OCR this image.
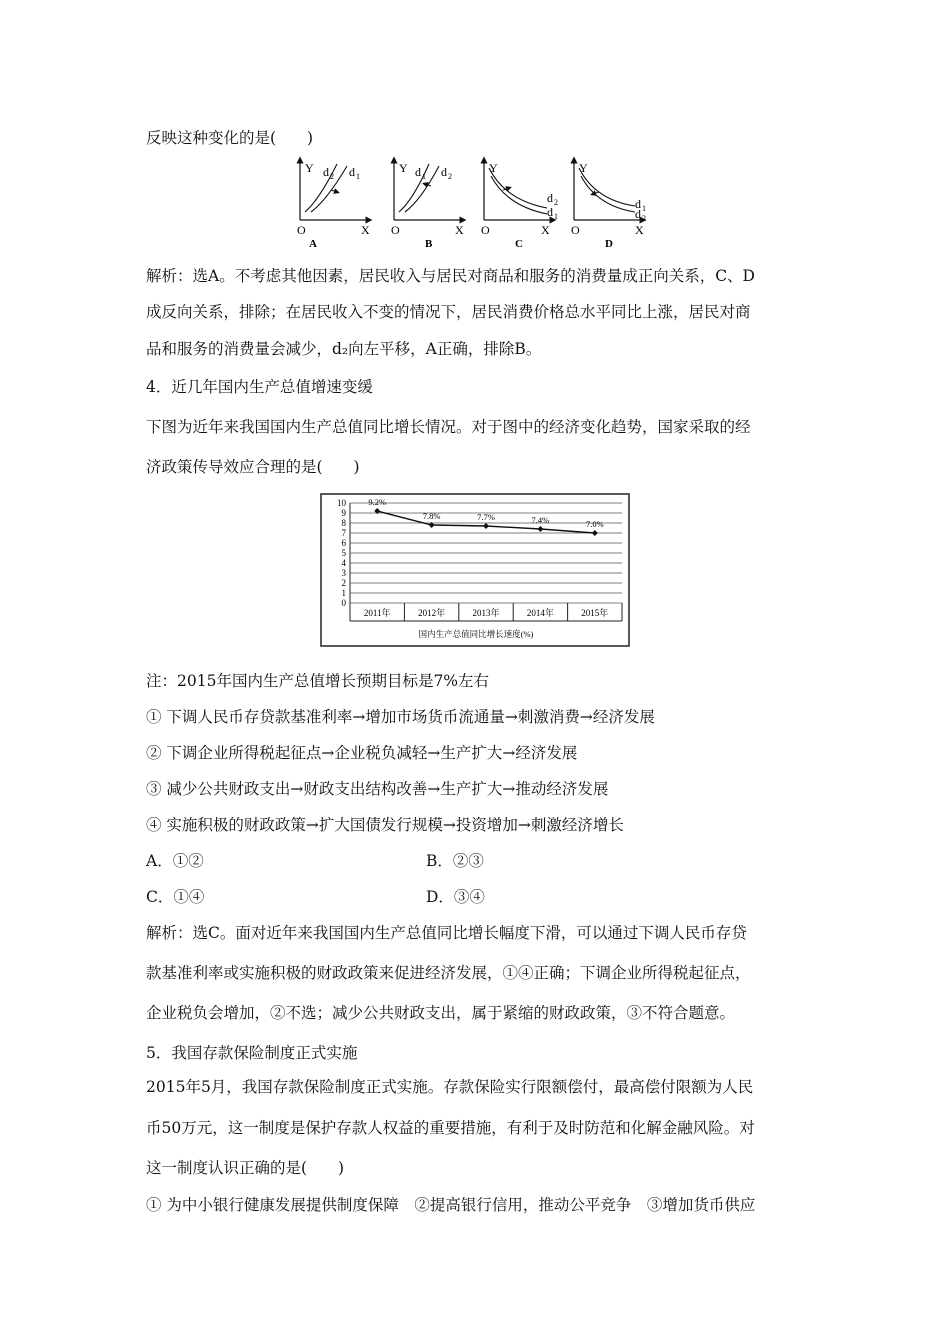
反映这种变化的是(　　)
Y d 2 d 1
O	X
A
Y d 1 d 2
O	X
B
Y
d 2
d 1
O	X
C
Y
d 1
d 2
O	X
D
解析：选A。不考虑其他因素，居民收入与居民对商品和服务的消费量成正向关系，C、D
成反向关系，排除；在居民收入不变的情况下，居民消费价格总水平同比上涨，居民对商
品和服务的消费量会减少，d₂向左平移，A正确，排除B。
4．近几年国内生产总值增速变缓
下图为近年来我国国内生产总值同比增长情况。对于图中的经济变化趋势，国家采取的经
济政策传导效应合理的是(　　)
0
1
2
3
4
5
6
7
8
9
10
2011年	2012年	2013年	2014年	2015年
9.2%
7.8%	7.7%	7.4%	7.0%
国内生产总值同比增长速度(%)
注：2015年国内生产总值增长预期目标是7%左右
① 下调人民币存贷款基准利率→增加市场货币流通量→刺激消费→经济发展
② 下调企业所得税起征点→企业税负减轻→生产扩大→经济发展
③ 减少公共财政支出→财政支出结构改善→生产扩大→推动经济发展
④ 实施积极的财政政策→扩大国债发行规模→投资增加→刺激经济增长
A．①②	B．②③
C．①④	D．③④
解析：选C。面对近年来我国国内生产总值同比增长幅度下滑，可以通过下调人民币存贷
款基准利率或实施积极的财政政策来促进经济发展，①④正确；下调企业所得税起征点，
企业税负会增加，②不选；减少公共财政支出，属于紧缩的财政政策，③不符合题意。
5．我国存款保险制度正式实施
2015年5月，我国存款保险制度正式实施。存款保险实行限额偿付，最高偿付限额为人民
币50万元，这一制度是保护存款人权益的重要措施，有利于及时防范和化解金融风险。对
这一制度认识正确的是(　　)
① 为中小银行健康发展提供制度保障　②提高银行信用，推动公平竞争　③增加货币供应
